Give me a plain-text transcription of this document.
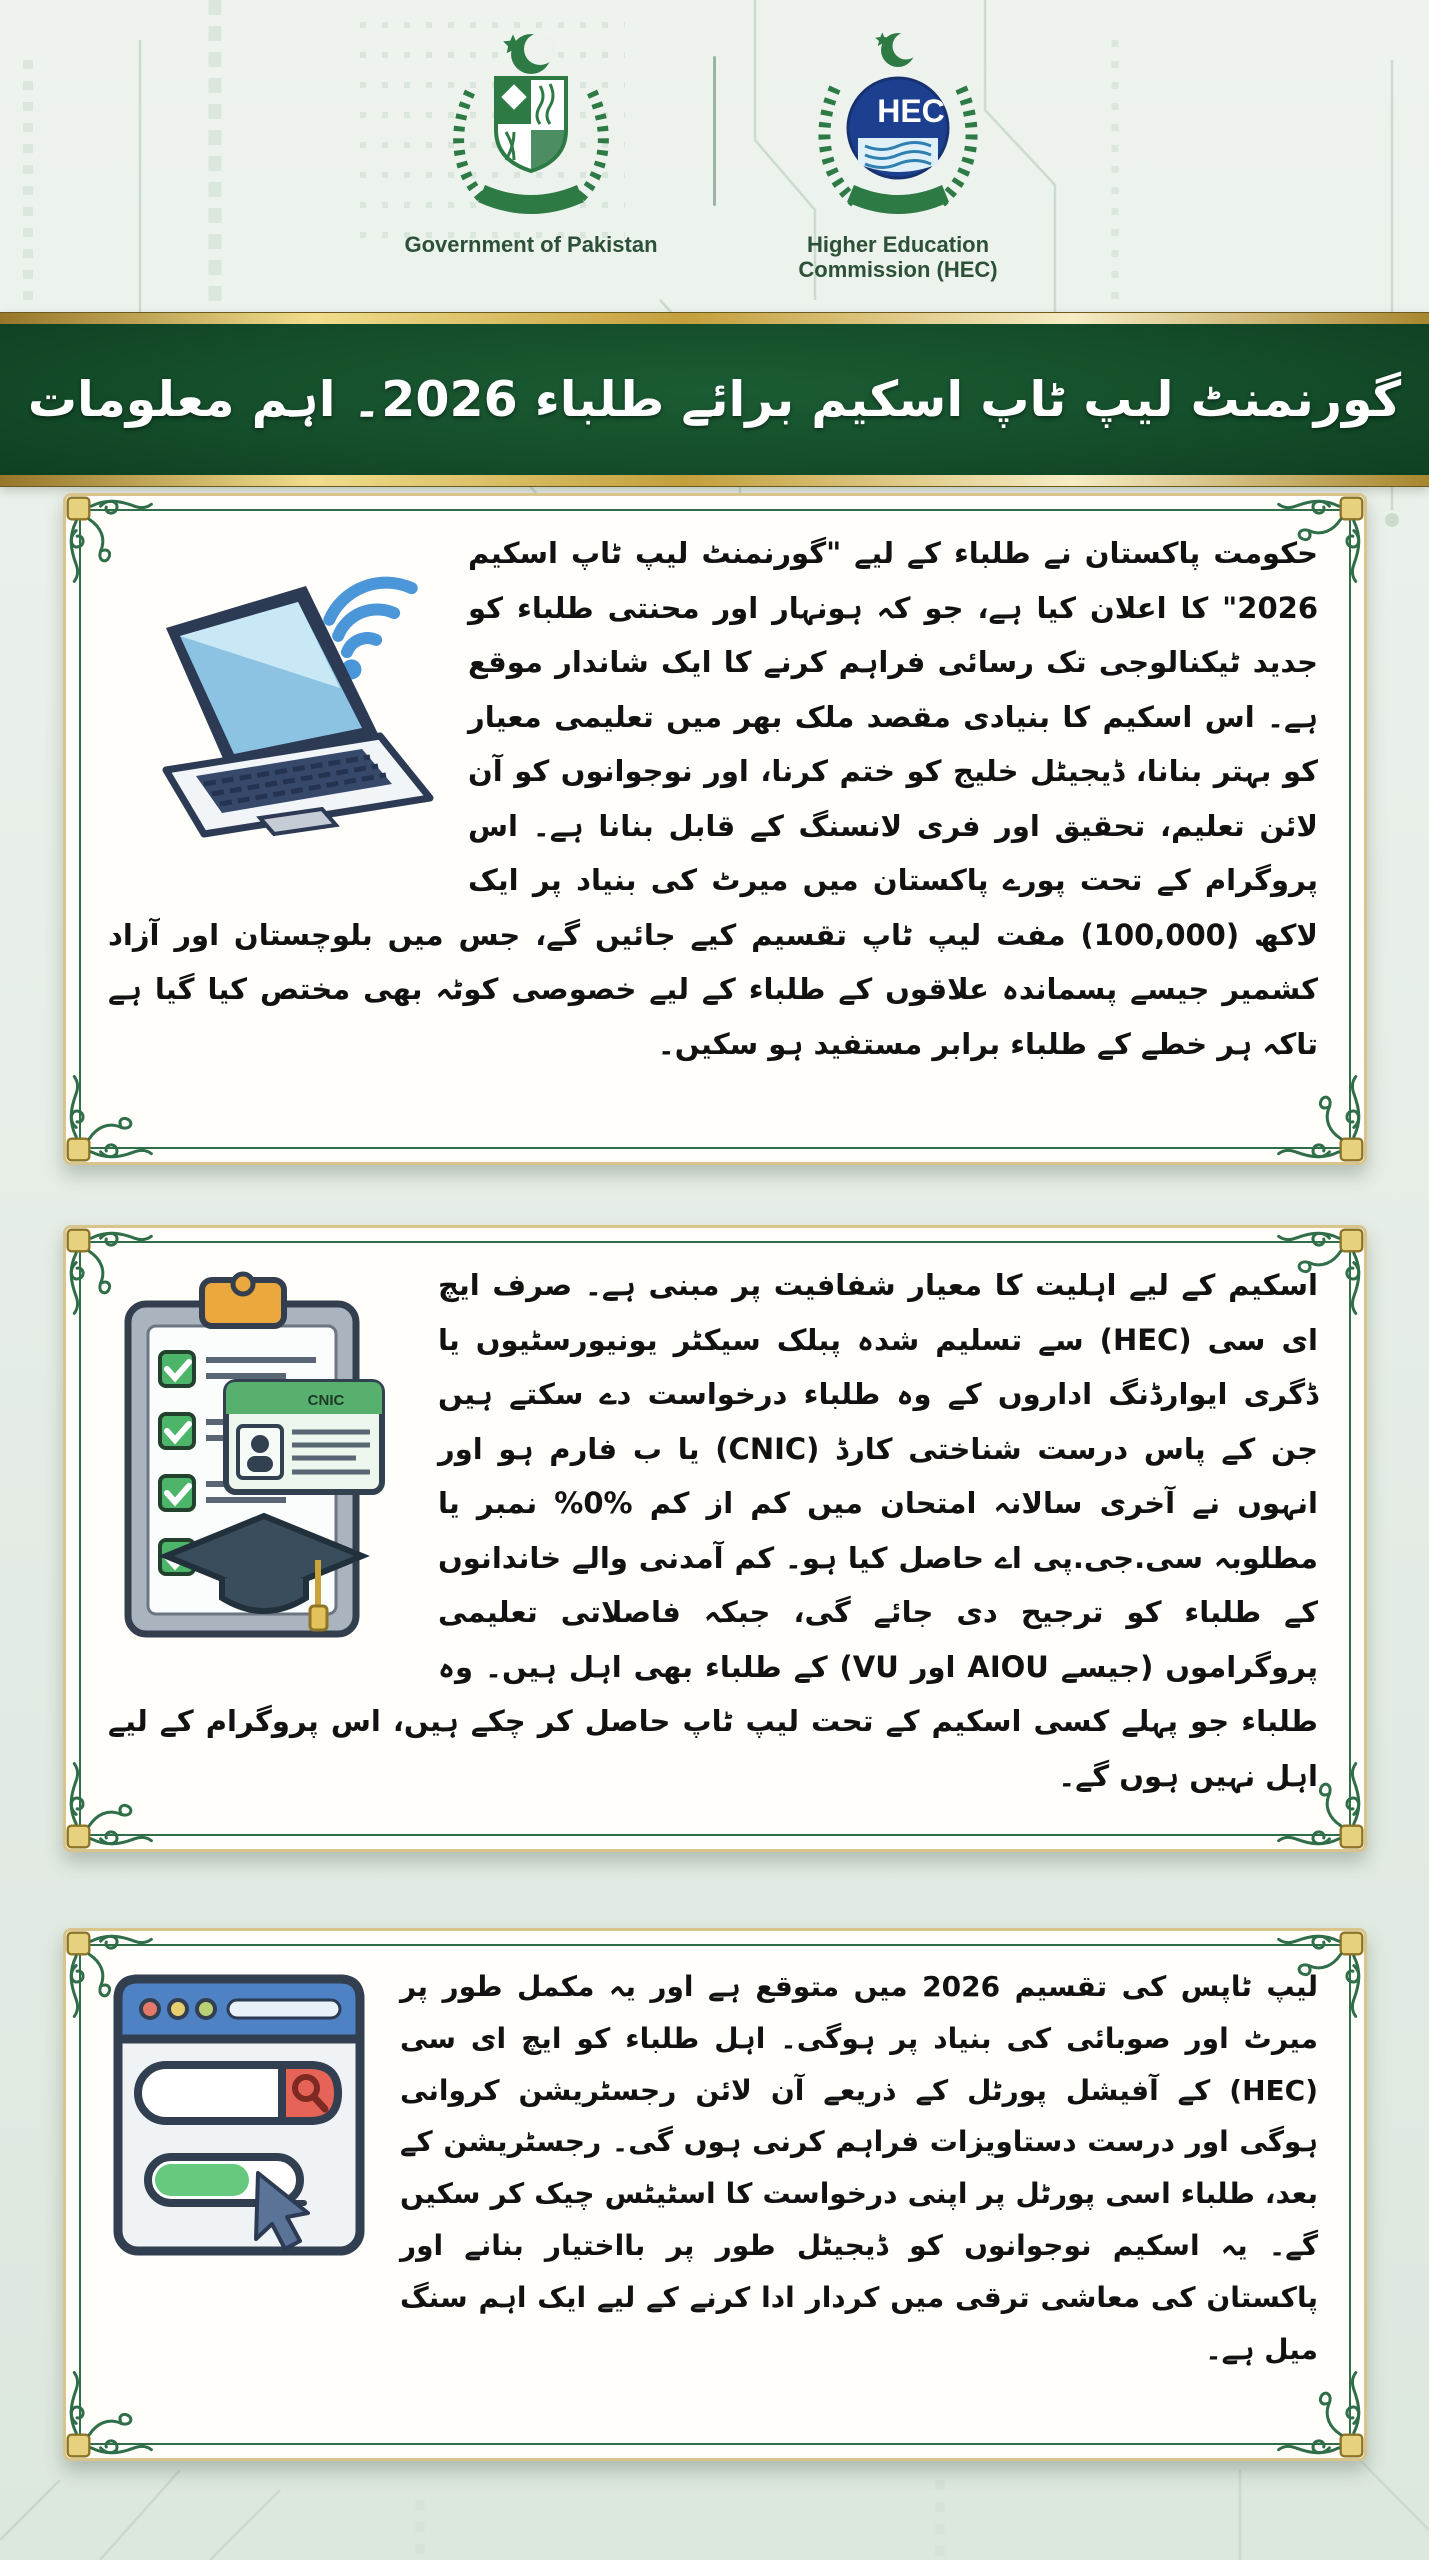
Government of Pakistan
HEC
Higher Education
Commission (HEC)
گورنمنٹ لیپ ٹاپ اسکیم برائے طلباء 2026۔ اہم معلومات

حکومت پاکستان نے طلباء کے لیے "گورنمنٹ لیپ ٹاپ اسکیم 2026" کا اعلان کیا ہے، جو کہ ہونہار اور محنتی طلباء کو جدید ٹیکنالوجی تک رسائی فراہم کرنے کا ایک شاندار موقع ہے۔ اس اسکیم کا بنیادی مقصد ملک بھر میں تعلیمی معیار کو بہتر بنانا، ڈیجیٹل خلیج کو ختم کرنا، اور نوجوانوں کو آن لائن تعلیم، تحقیق اور فری لانسنگ کے قابل بنانا ہے۔ اس پروگرام کے تحت پورے پاکستان میں میرٹ کی بنیاد پر ایک لاکھ (100,000) مفت لیپ ٹاپ تقسیم کیے جائیں گے، جس میں بلوچستان اور آزاد کشمیر جیسے پسماندہ علاقوں کے طلباء کے لیے خصوصی کوٹہ بھی مختص کیا گیا ہے تاکہ ہر خطے کے طلباء برابر مستفید ہو سکیں۔

CNIC

اسکیم کے لیے اہلیت کا معیار شفافیت پر مبنی ہے۔ صرف ایچ ای سی (HEC) سے تسلیم شدہ پبلک سیکٹر یونیورسٹیوں یا ڈگری ایوارڈنگ اداروں کے وہ طلباء درخواست دے سکتے ہیں جن کے پاس درست شناختی کارڈ (CNIC) یا ب فارم ہو اور انہوں نے آخری سالانہ امتحان میں کم از کم %0% نمبر یا مطلوبہ سی.جی.پی اے حاصل کیا ہو۔ کم آمدنی والے خاندانوں کے طلباء کو ترجیح دی جائے گی، جبکہ فاصلاتی تعلیمی پروگراموں (جیسے AIOU اور VU) کے طلباء بھی اہل ہیں۔ وہ طلباء جو پہلے کسی اسکیم کے تحت لیپ ٹاپ حاصل کر چکے ہیں، اس پروگرام کے لیے اہل نہیں ہوں گے۔

لیپ ٹاپس کی تقسیم 2026 میں متوقع ہے اور یہ مکمل طور پر میرٹ اور صوبائی کی بنیاد پر ہوگی۔ اہل طلباء کو ایچ ای سی (HEC) کے آفیشل پورٹل کے ذریعے آن لائن رجسٹریشن کروانی ہوگی اور درست دستاویزات فراہم کرنی ہوں گی۔ رجسٹریشن کے بعد، طلباء اسی پورٹل پر اپنی درخواست کا اسٹیٹس چیک کر سکیں گے۔ یہ اسکیم نوجوانوں کو ڈیجیٹل طور پر بااختیار بنانے اور پاکستان کی معاشی ترقی میں کردار ادا کرنے کے لیے ایک اہم سنگ میل ہے۔
